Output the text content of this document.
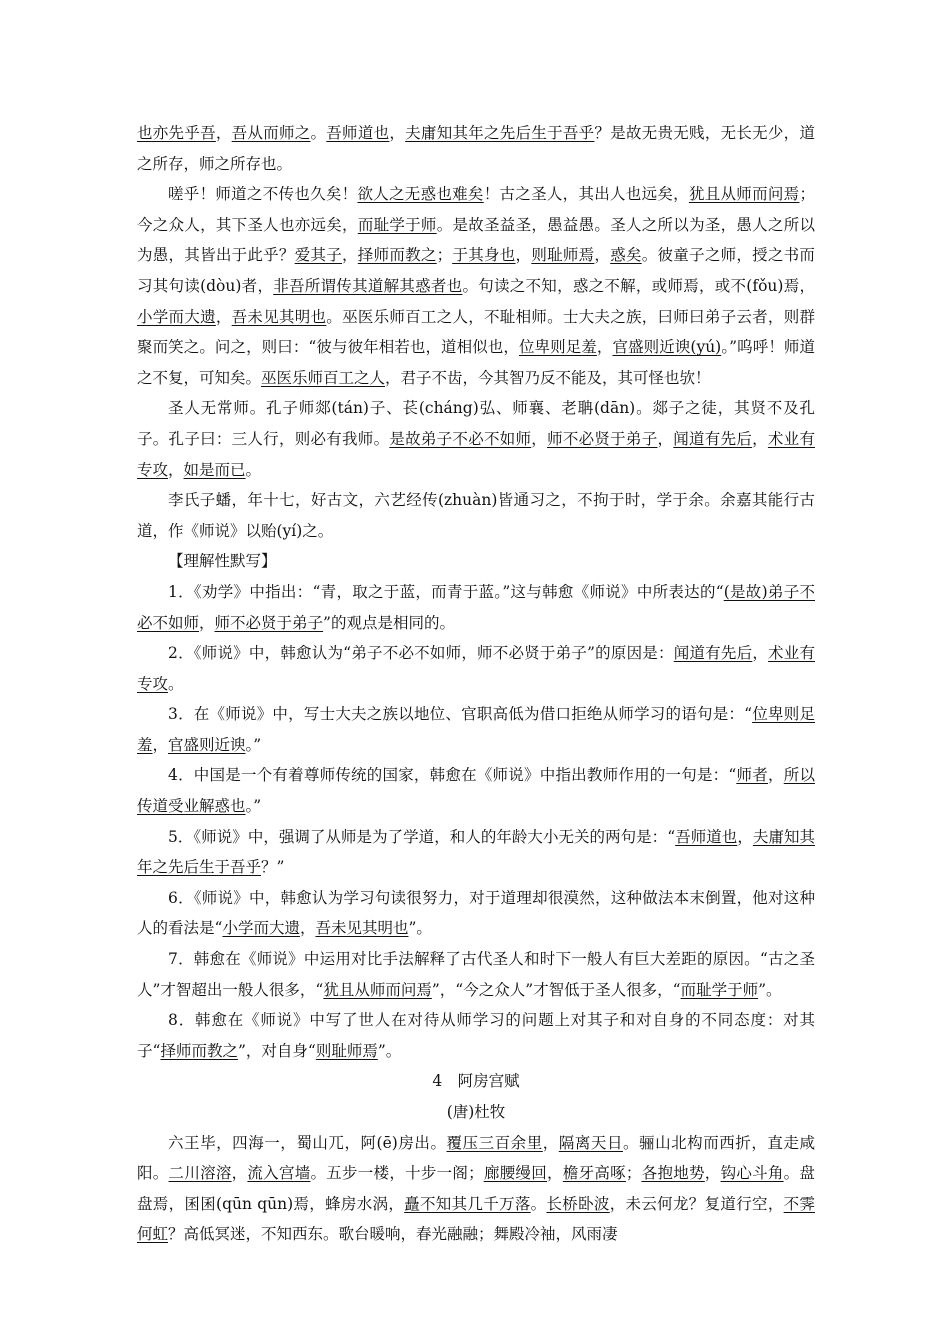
也亦先乎吾，吾从而师之。吾师道也，夫庸知其年之先后生于吾乎？是故无贵无贱，无长无少，道之所存，师之所存也。

嗟乎！师道之不传也久矣！欲人之无惑也难矣！古之圣人，其出人也远矣，犹且从师而问焉；今之众人，其下圣人也亦远矣，而耻学于师。是故圣益圣，愚益愚。圣人之所以为圣，愚人之所以为愚，其皆出于此乎？爱其子，择师而教之；于其身也，则耻师焉，惑矣。彼童子之师，授之书而习其句读(dòu)者，非吾所谓传其道解其惑者也。句读之不知，惑之不解，或师焉，或不(fǒu)焉，小学而大遗，吾未见其明也。巫医乐师百工之人，不耻相师。士大夫之族，曰师曰弟子云者，则群聚而笑之。问之，则曰：“彼与彼年相若也，道相似也，位卑则足羞，官盛则近谀(yú)。”呜呼！师道之不复，可知矣。巫医乐师百工之人，君子不齿，今其智乃反不能及，其可怪也欤！

圣人无常师。孔子师郯(tán)子、苌(cháng)弘、师襄、老聃(dān)。郯子之徒，其贤不及孔子。孔子曰：三人行，则必有我师。是故弟子不必不如师，师不必贤于弟子，闻道有先后，术业有专攻，如是而已。

李氏子蟠，年十七，好古文，六艺经传(zhuàn)皆通习之，不拘于时，学于余。余嘉其能行古道，作《师说》以贻(yí)之。

【理解性默写】

1．《劝学》中指出：“青，取之于蓝，而青于蓝。”这与韩愈《师说》中所表达的“(是故)弟子不必不如师，师不必贤于弟子”的观点是相同的。

2．《师说》中，韩愈认为“弟子不必不如师，师不必贤于弟子”的原因是：闻道有先后，术业有专攻。

3．在《师说》中，写士大夫之族以地位、官职高低为借口拒绝从师学习的语句是：“位卑则足羞，官盛则近谀。”

4．中国是一个有着尊师传统的国家，韩愈在《师说》中指出教师作用的一句是：“师者，所以传道受业解惑也。”

5．《师说》中，强调了从师是为了学道，和人的年龄大小无关的两句是：“吾师道也，夫庸知其年之先后生于吾乎？”

6．《师说》中，韩愈认为学习句读很努力，对于道理却很漠然，这种做法本末倒置，他对这种人的看法是“小学而大遗，吾未见其明也”。

7．韩愈在《师说》中运用对比手法解释了古代圣人和时下一般人有巨大差距的原因。“古之圣人”才智超出一般人很多，“犹且从师而问焉”，“今之众人”才智低于圣人很多，“而耻学于师”。

8．韩愈在《师说》中写了世人在对待从师学习的问题上对其子和对自身的不同态度：对其子“择师而教之”，对自身“则耻师焉”。

4　阿房宫赋

(唐)杜牧

六王毕，四海一，蜀山兀，阿(ē)房出。覆压三百余里，隔离天日。骊山北构而西折，直走咸阳。二川溶溶，流入宫墙。五步一楼，十步一阁；廊腰缦回，檐牙高啄；各抱地势，钩心斗角。盘盘焉，囷囷(qūn qūn)焉，蜂房水涡，矗不知其几千万落。长桥卧波，未云何龙？复道行空，不霁何虹？高低冥迷，不知西东。歌台暖响，春光融融；舞殿冷袖，风雨凄
